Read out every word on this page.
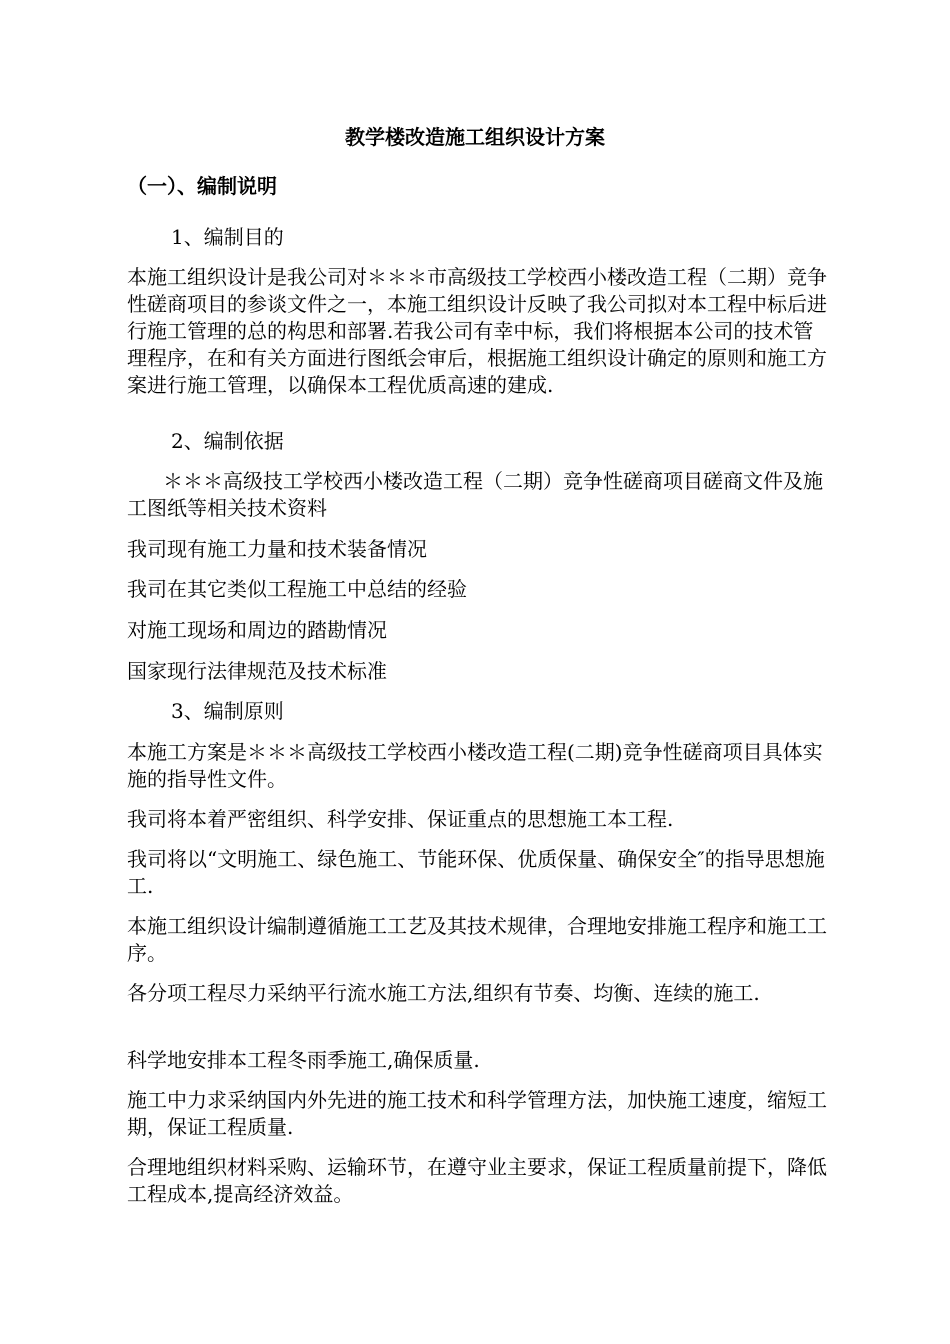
教学楼改造施工组织设计方案
（一）、编制说明

1、编制目的

本施工组织设计是我公司对＊＊＊市高级技工学校西小楼改造工程（二期）竞争性磋商项目的参谈文件之一，本施工组织设计反映了我公司拟对本工程中标后进行施工管理的总的构思和部署.若我公司有幸中标，我们将根据本公司的技术管理程序，在和有关方面进行图纸会审后，根据施工组织设计确定的原则和施工方案进行施工管理，以确保本工程优质高速的建成.

2、编制依据

＊＊＊高级技工学校西小楼改造工程（二期）竞争性磋商项目磋商文件及施工图纸等相关技术资料

我司现有施工力量和技术装备情况

我司在其它类似工程施工中总结的经验

对施工现场和周边的踏勘情况

国家现行法律规范及技术标准

3、编制原则

本施工方案是＊＊＊高级技工学校西小楼改造工程(二期)竞争性磋商项目具体实施的指导性文件。

我司将本着严密组织、科学安排、保证重点的思想施工本工程.

我司将以“文明施工、绿色施工、节能环保、优质保量、确保安全″的指导思想施工.

本施工组织设计编制遵循施工工艺及其技术规律，合理地安排施工程序和施工工序。

各分项工程尽力采纳平行流水施工方法,组织有节奏、均衡、连续的施工.

科学地安排本工程冬雨季施工,确保质量.

施工中力求采纳国内外先进的施工技术和科学管理方法，加快施工速度，缩短工期，保证工程质量.

合理地组织材料采购、运输环节，在遵守业主要求，保证工程质量前提下，降低工程成本,提高经济效益。
